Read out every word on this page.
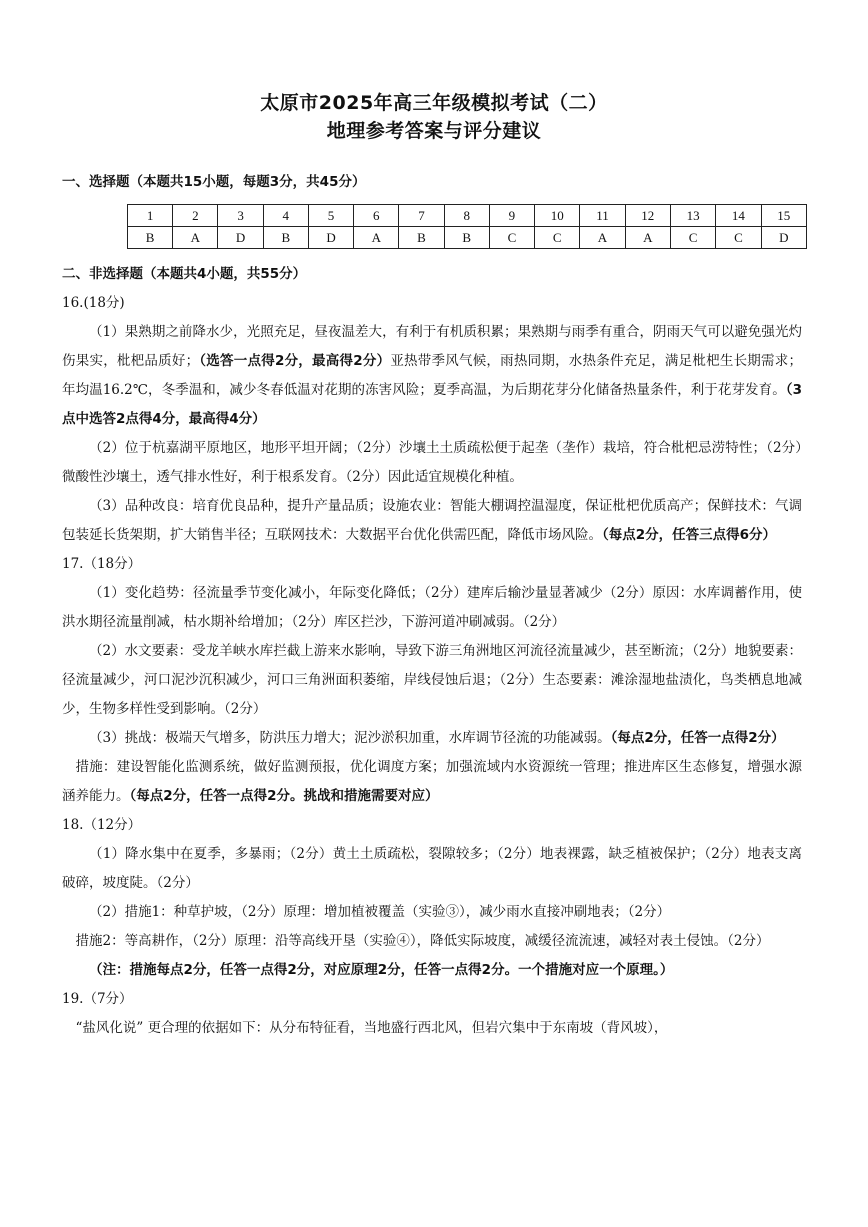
太原市2025年高三年级模拟考试（二）
地理参考答案与评分建议
一、选择题（本题共15小题，每题3分，共45分）
1	2	3	4	5	6	7	8	9	10	11	12	13	14	15
B	A	D	B	D	A	B	B	C	C	A	A	C	C	D
二、非选择题（本题共4小题，共55分）

16.(18分)

（1）果熟期之前降水少，光照充足，昼夜温差大，有利于有机质积累；果熟期与雨季有重合，阴雨天气可以避免强光灼伤果实，枇杷品质好；（选答一点得2分，最高得2分）亚热带季风气候，雨热同期，水热条件充足，满足枇杷生长期需求；年均温16.2℃，冬季温和，减少冬春低温对花期的冻害风险；夏季高温，为后期花芽分化储备热量条件，利于花芽发育。（3点中选答2点得4分，最高得4分）

（2）位于杭嘉湖平原地区，地形平坦开阔；（2分）沙壤土土质疏松便于起垄（垄作）栽培，符合枇杷忌涝特性；（2分）微酸性沙壤土，透气排水性好，利于根系发育。（2分）因此适宜规模化种植。

（3）品种改良：培育优良品种，提升产量品质；设施农业：智能大棚调控温湿度，保证枇杷优质高产；保鲜技术：气调包装延长货架期，扩大销售半径；互联网技术：大数据平台优化供需匹配，降低市场风险。（每点2分，任答三点得6分）

17.（18分）

（1）变化趋势：径流量季节变化减小，年际变化降低；（2分）建库后输沙量显著减少（2分）原因：水库调蓄作用，使洪水期径流量削减，枯水期补给增加；（2分）库区拦沙，下游河道冲刷减弱。（2分）

（2）水文要素：受龙羊峡水库拦截上游来水影响，导致下游三角洲地区河流径流量减少，甚至断流；（2分）地貌要素：径流量减少，河口泥沙沉积减少，河口三角洲面积萎缩，岸线侵蚀后退；（2分）生态要素：滩涂湿地盐渍化，鸟类栖息地减少，生物多样性受到影响。（2分）

（3）挑战：极端天气增多，防洪压力增大；泥沙淤积加重，水库调节径流的功能减弱。（每点2分，任答一点得2分）

措施：建设智能化监测系统，做好监测预报，优化调度方案；加强流域内水资源统一管理；推进库区生态修复，增强水源涵养能力。（每点2分，任答一点得2分。挑战和措施需要对应）

18.（12分）

（1）降水集中在夏季，多暴雨；（2分）黄土土质疏松，裂隙较多；（2分）地表裸露，缺乏植被保护；（2分）地表支离破碎，坡度陡。（2分）

（2）措施1：种草护坡，（2分）原理：增加植被覆盖（实验③），减少雨水直接冲刷地表；（2分）

措施2：等高耕作，（2分）原理：沿等高线开垦（实验④），降低实际坡度，减缓径流流速，减轻对表土侵蚀。（2分）

（注：措施每点2分，任答一点得2分，对应原理2分，任答一点得2分。一个措施对应一个原理。）

19.（7分）

“盐风化说” 更合理的依据如下：从分布特征看，当地盛行西北风，但岩穴集中于东南坡（背风坡），
